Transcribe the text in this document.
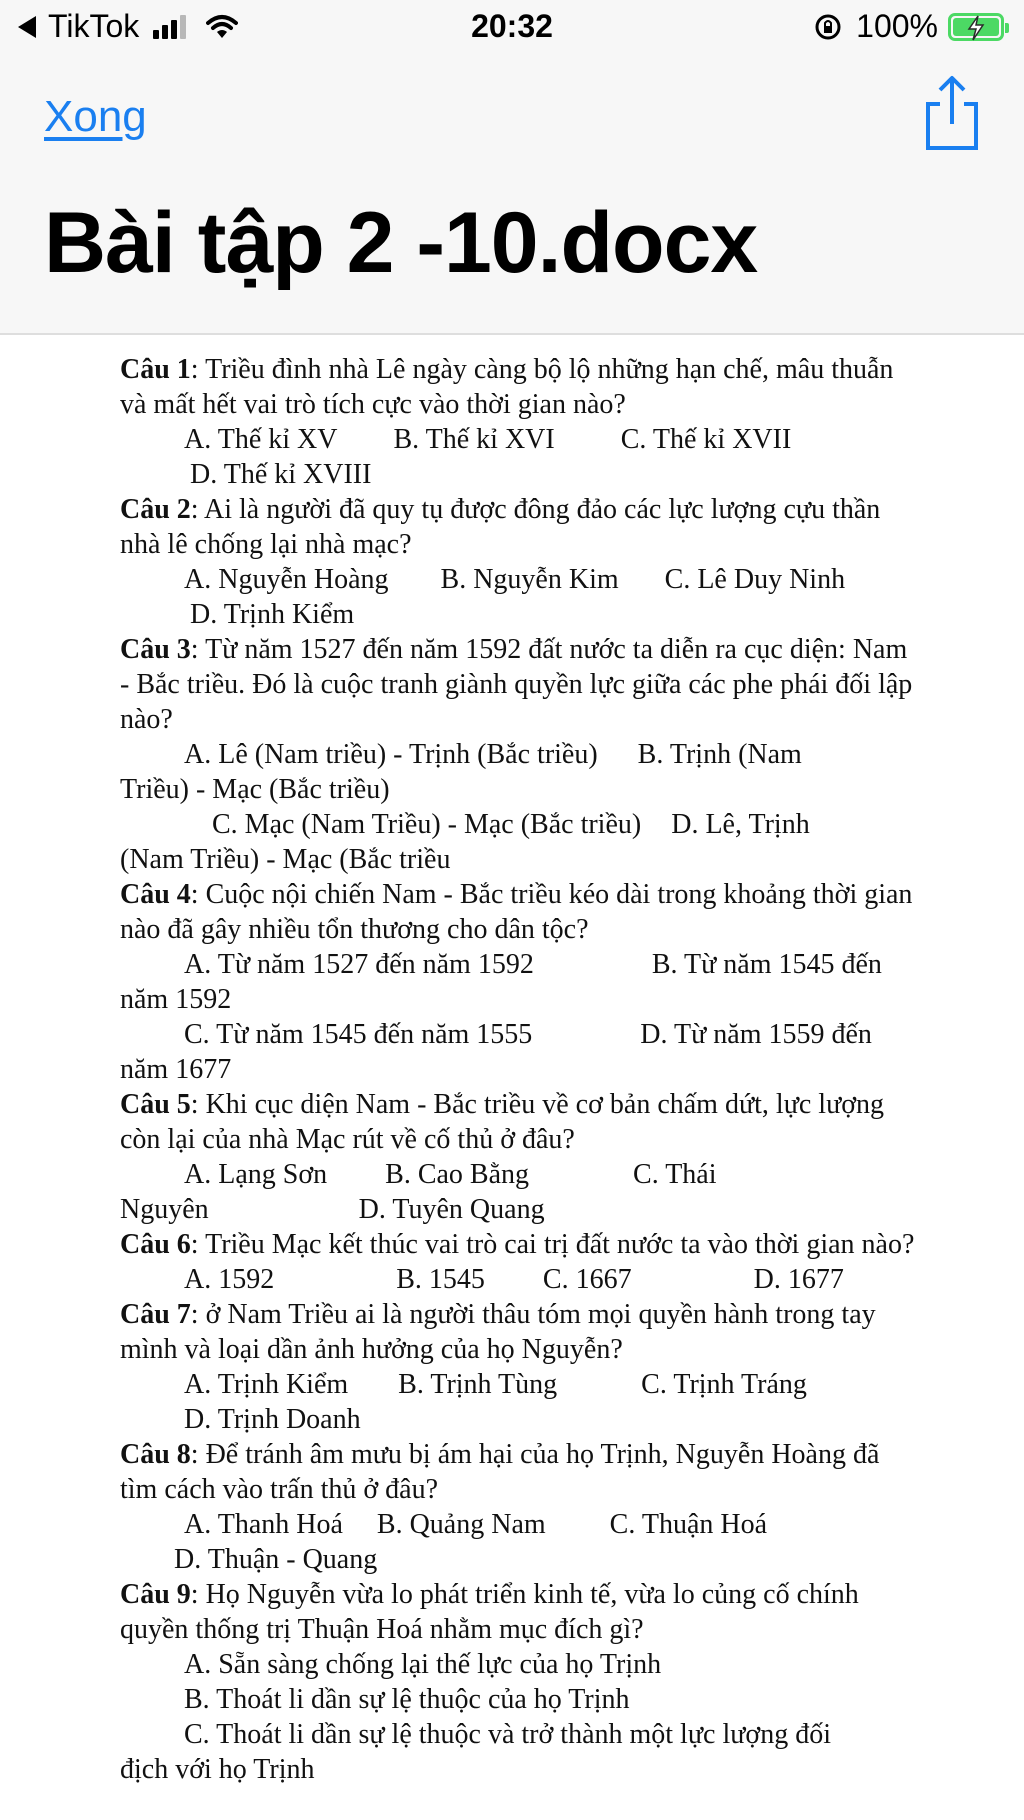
TikTok	20:32	100%
Xong
Bài tập 2 -10.docx
Câu 1: Triều đình nhà Lê ngày càng bộ lộ những hạn chế, mâu thuẫn và mất hết vai trò tích cực vào thời gian nào?
A. Thế kỉ XV B. Thế kỉ XVI C. Thế kỉ XVII
D. Thế kỉ XVIII
Câu 2: Ai là người đã quy tụ được đông đảo các lực lượng cựu thần nhà lê chống lại nhà mạc?
A. Nguyễn Hoàng B. Nguyễn Kim C. Lê Duy Ninh
D. Trịnh Kiểm
Câu 3: Từ năm 1527 đến năm 1592 đất nước ta diễn ra cục diện: Nam - Bắc triều. Đó là cuộc tranh giành quyền lực giữa các phe phái đối lập nào?
A. Lê (Nam triều) - Trịnh (Bắc triều) B. Trịnh (Nam
Triều) - Mạc (Bắc triều)
C. Mạc (Nam Triều) - Mạc (Bắc triều) D. Lê, Trịnh
(Nam Triều) - Mạc (Bắc triều
Câu 4: Cuộc nội chiến Nam - Bắc triều kéo dài trong khoảng thời gian nào đã gây nhiều tổn thương cho dân tộc?
A. Từ năm 1527 đến năm 1592	B. Từ năm 1545 đến
năm 1592
C. Từ năm 1545 đến năm 1555	D. Từ năm 1559 đến
năm 1677
Câu 5: Khi cục diện Nam - Bắc triều về cơ bản chấm dứt, lực lượng còn lại của nhà Mạc rút về cố thủ ở đâu?
A. Lạng Sơn B. Cao Bằng	C. Thái
Nguyên	D. Tuyên Quang
Câu 6: Triều Mạc kết thúc vai trò cai trị đất nước ta vào thời gian nào?
A. 1592	B. 1545 C. 1667	D. 1677
Câu 7: ở Nam Triều ai là người thâu tóm mọi quyền hành trong tay mình và loại dần ảnh hưởng của họ Nguyễn?
A. Trịnh Kiểm B. Trịnh Tùng	C. Trịnh Tráng
D. Trịnh Doanh
Câu 8: Để tránh âm mưu bị ám hại của họ Trịnh, Nguyễn Hoàng đã tìm cách vào trấn thủ ở đâu?
A. Thanh Hoá B. Quảng Nam C. Thuận Hoá
D. Thuận - Quang
Câu 9: Họ Nguyễn vừa lo phát triển kinh tế, vừa lo củng cố chính quyền thống trị Thuận Hoá nhằm mục đích gì?
A. Sẵn sàng chống lại thế lực của họ Trịnh
B. Thoát li dần sự lệ thuộc của họ Trịnh
C. Thoát li dần sự lệ thuộc và trở thành một lực lượng đối
địch với họ Trịnh
